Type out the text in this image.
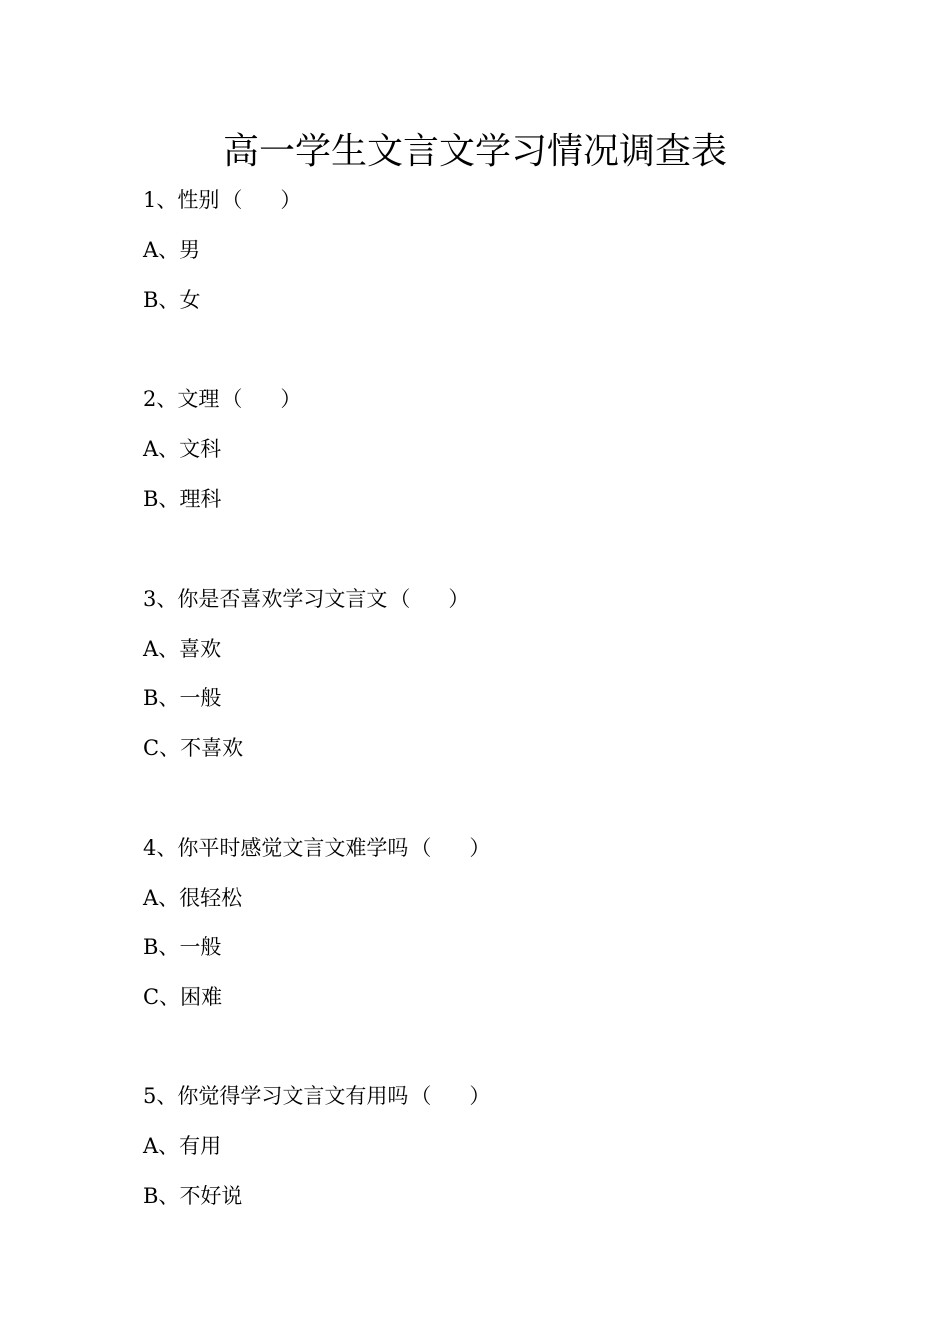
高一学生文言文学习情况调查表
1、性别（ ）
A、男
B、女
2、文理（ ）
A、文科
B、理科
3、你是否喜欢学习文言文（ ）
A、喜欢
B、一般
C、不喜欢
4、你平时感觉文言文难学吗（ ）
A、很轻松
B、一般
C、困难
5、你觉得学习文言文有用吗（ ）
A、有用
B、不好说
